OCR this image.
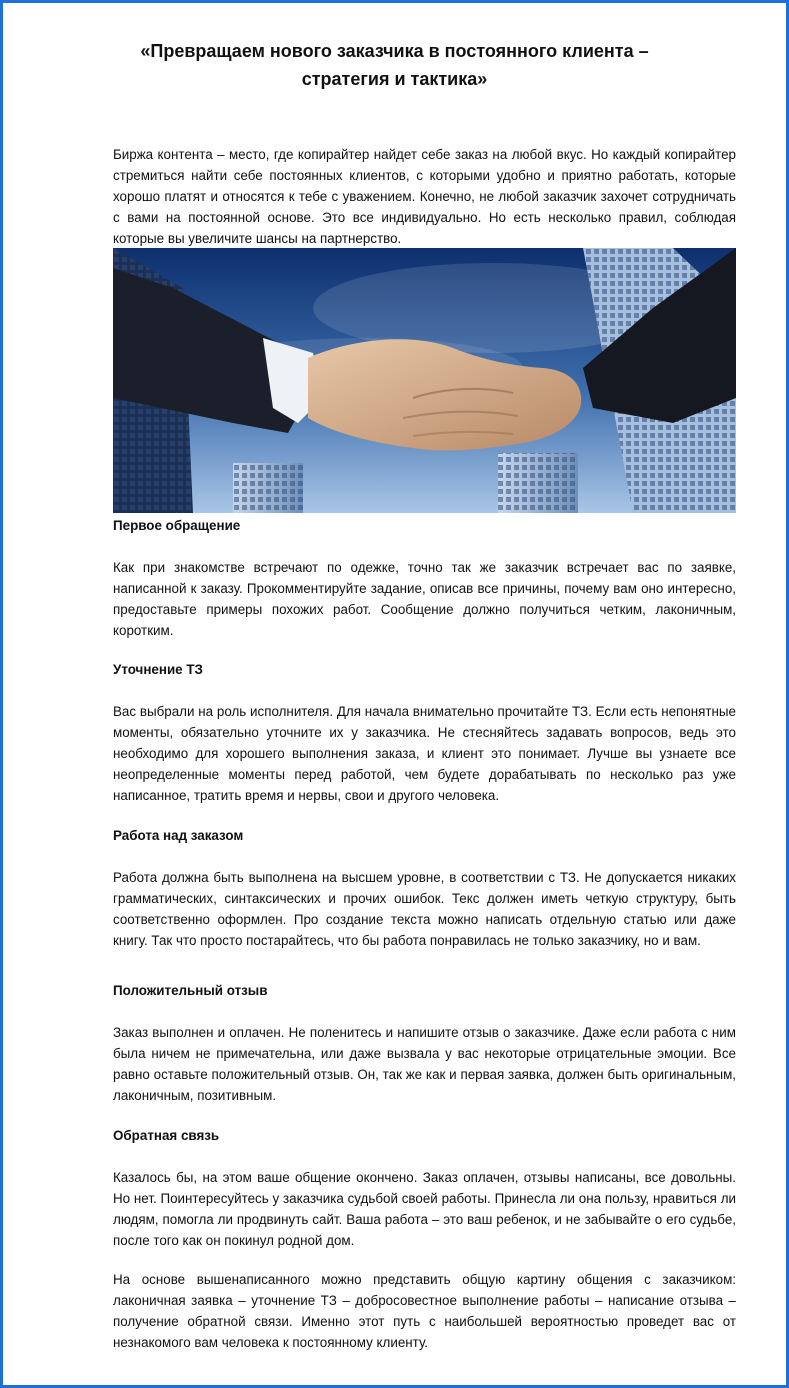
«Превращаем нового заказчика в постоянного клиента –
стратегия и тактика»

Биржа контента – место, где копирайтер найдет себе заказ на любой вкус. Но каждый копирайтер стремиться найти себе постоянных клиентов, с которыми удобно и приятно работать, которые хорошо платят и относятся к тебе с уважением. Конечно, не любой заказчик захочет сотрудничать с вами на постоянной основе. Это все индивидуально. Но есть несколько правил, соблюдая которые вы увеличите шансы на партнерство.

Первое обращение

Как при знакомстве встречают по одежке, точно так же заказчик встречает вас по заявке, написанной к заказу. Прокомментируйте задание, описав все причины, почему вам оно интересно, предоставьте примеры похожих работ. Сообщение должно получиться четким, лаконичным, коротким.

Уточнение ТЗ

Вас выбрали на роль исполнителя. Для начала внимательно прочитайте ТЗ. Если есть непонятные моменты, обязательно уточните их у заказчика. Не стесняйтесь задавать вопросов, ведь это необходимо для хорошего выполнения заказа, и клиент это понимает. Лучше вы узнаете все неопределенные моменты перед работой, чем будете дорабатывать по несколько раз уже написанное, тратить время и нервы, свои и другого человека.

Работа над заказом

Работа должна быть выполнена на высшем уровне, в соответствии с ТЗ. Не допускается никаких грамматических, синтаксических и прочих ошибок. Текс должен иметь четкую структуру, быть соответственно оформлен. Про создание текста можно написать отдельную статью или даже книгу. Так что просто постарайтесь, что бы работа понравилась не только заказчику, но и вам.

Положительный отзыв

Заказ выполнен и оплачен. Не поленитесь и напишите отзыв о заказчике. Даже если работа с ним была ничем не примечательна, или даже вызвала у вас некоторые отрицательные эмоции. Все равно оставьте положительный отзыв. Он, так же как и первая заявка, должен быть оригинальным, лаконичным, позитивным.

Обратная связь

Казалось бы, на этом ваше общение окончено. Заказ оплачен, отзывы написаны, все довольны. Но нет. Поинтересуйтесь у заказчика судьбой своей работы. Принесла ли она пользу, нравиться ли людям, помогла ли продвинуть сайт. Ваша работа – это ваш ребенок, и не забывайте о его судьбе, после того как он покинул родной дом.

На основе вышенаписанного можно представить общую картину общения с заказчиком: лаконичная заявка – уточнение ТЗ – добросовестное выполнение работы – написание отзыва – получение обратной связи. Именно этот путь с наибольшей вероятностью проведет вас от незнакомого вам человека к постоянному клиенту.
